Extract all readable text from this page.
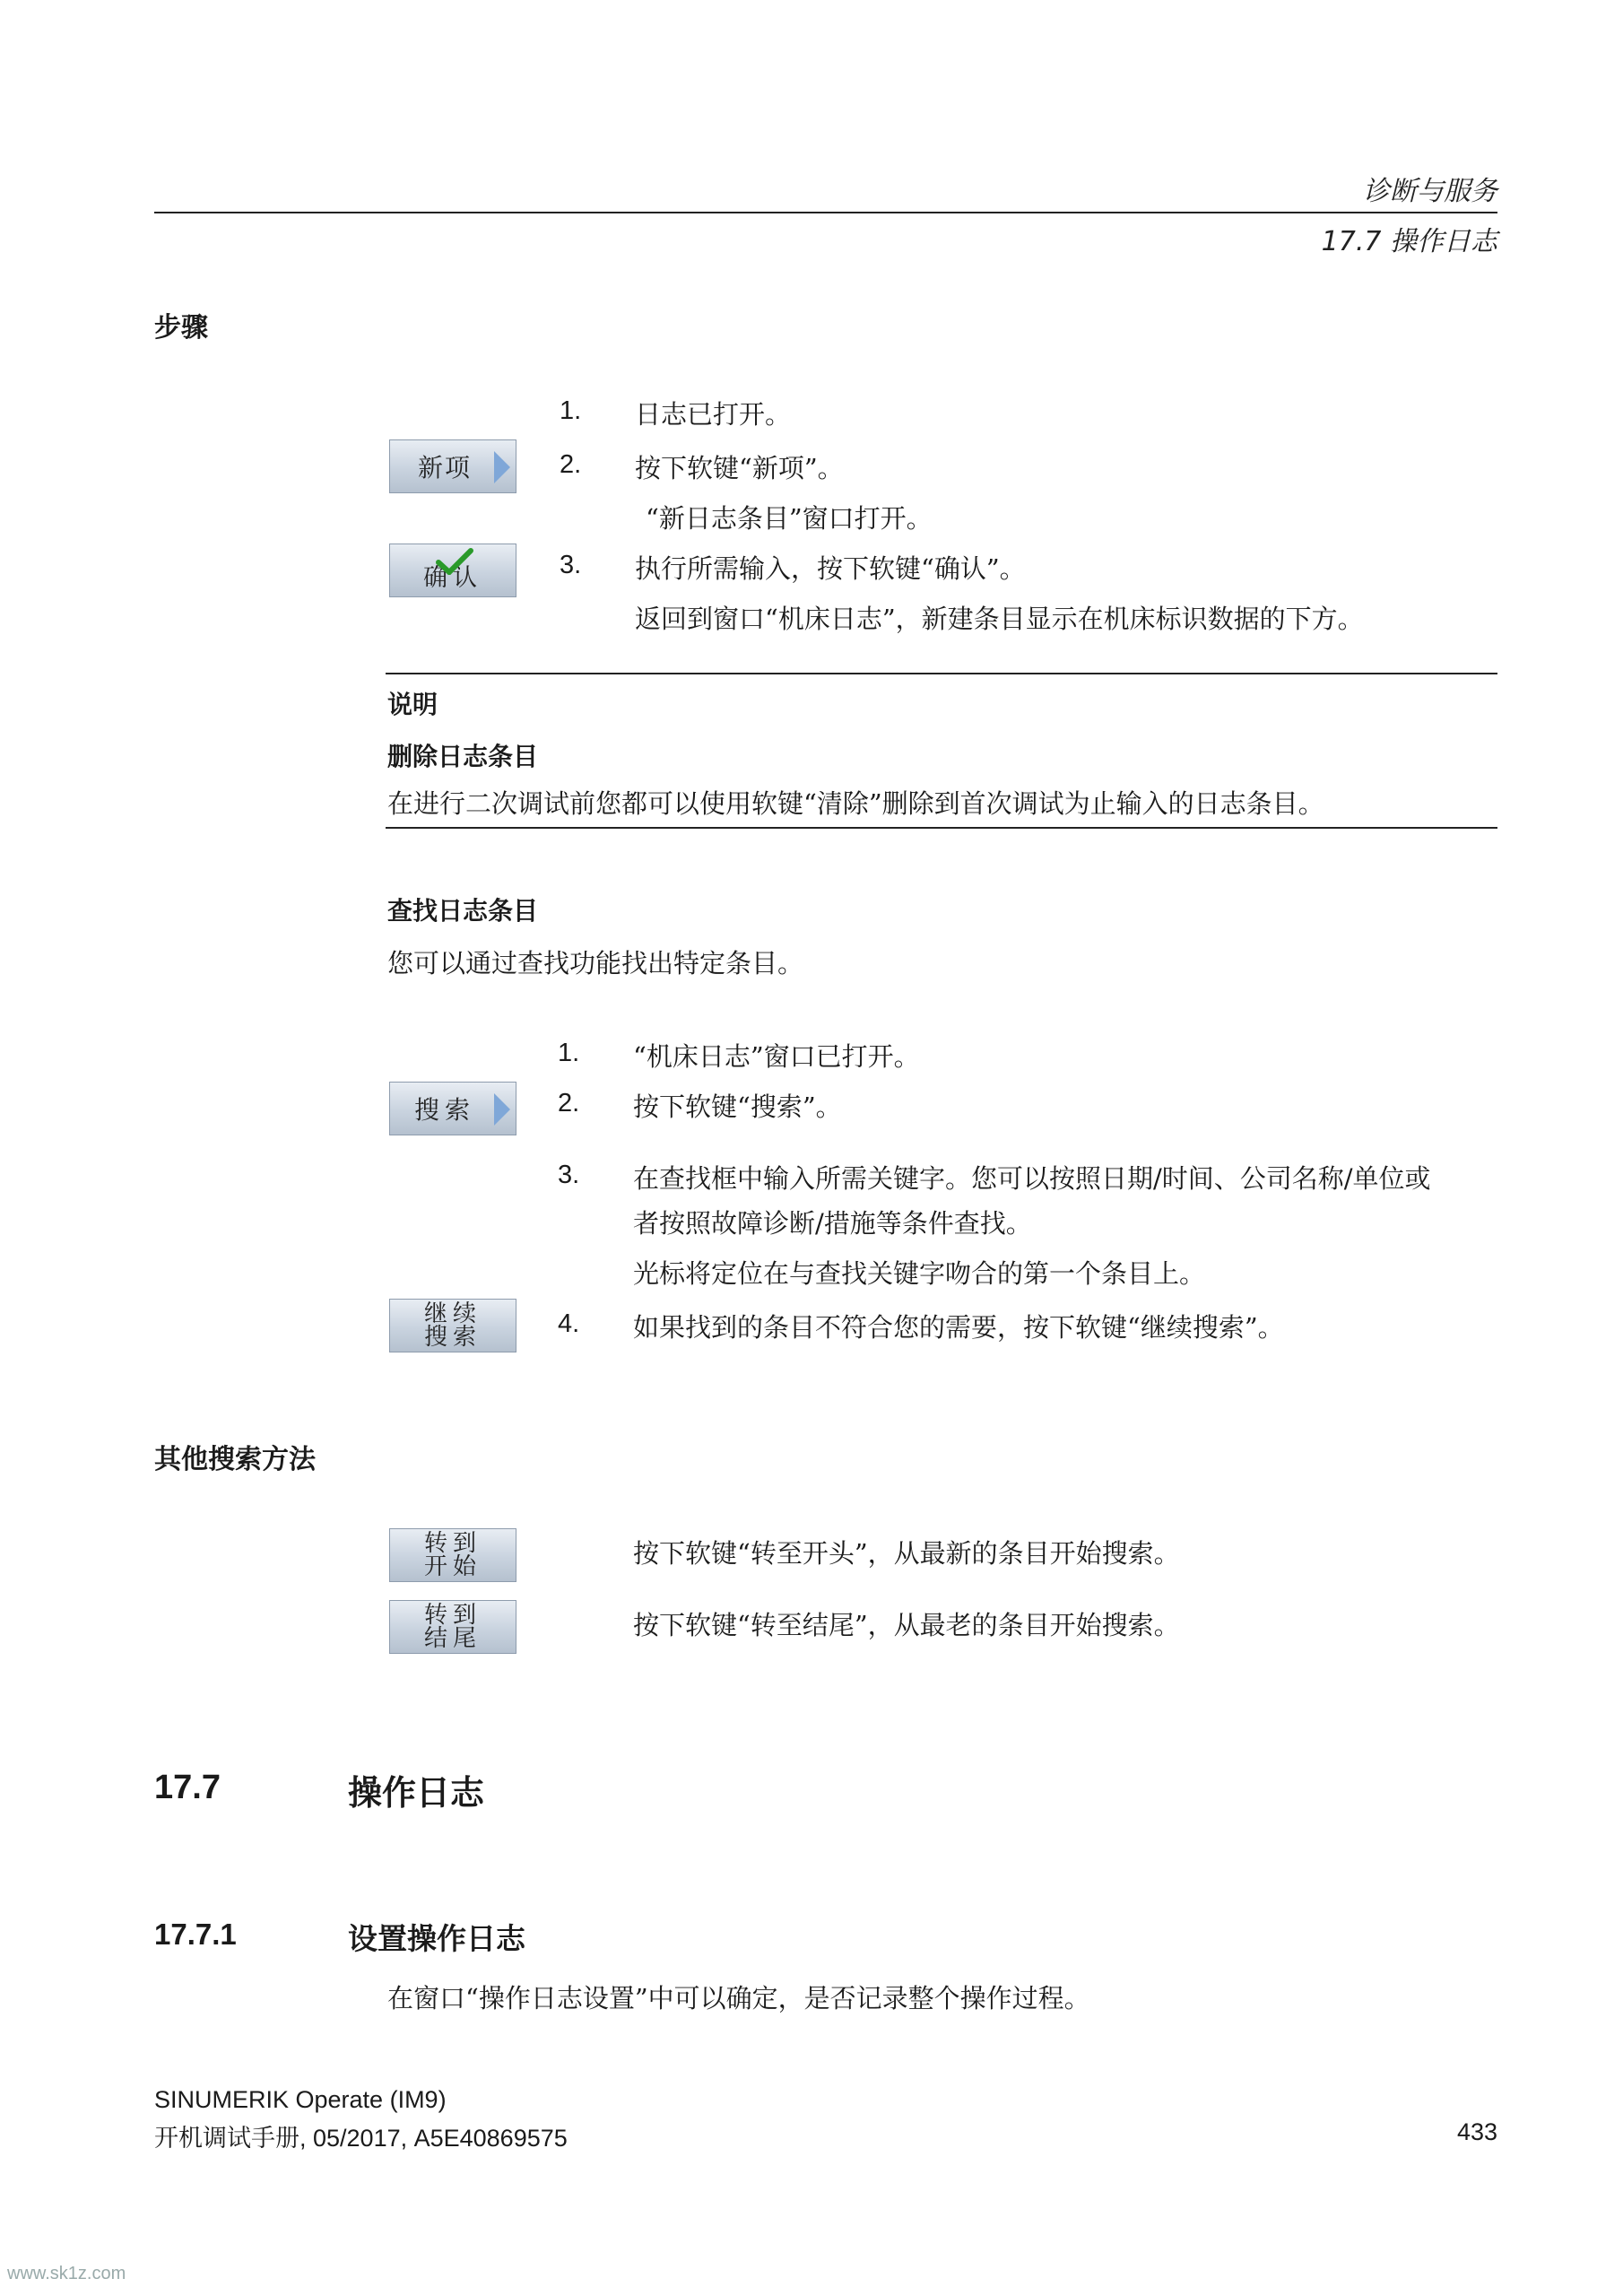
诊断与服务
17.7 操作日志
步骤
1. 日志已打开。
新项	2. 按下软键“新项”。
“新日志条目”窗口打开。
确认	3. 执行所需输入，按下软键“确认”。
返回到窗口“机床日志”，新建条目显示在机床标识数据的下方。
说明
删除日志条目
在进行二次调试前您都可以使用软键“清除”删除到首次调试为止输入的日志条目。
查找日志条目
您可以通过查找功能找出特定条目。
1. “机床日志”窗口已打开。
搜索	2. 按下软键“搜索”。
3. 在查找框中输入所需关键字。您可以按照日期/时间、公司名称/单位或
者按照故障诊断/措施等条件查找。
光标将定位在与查找关键字吻合的第一个条目上。
继续
搜索	4. 如果找到的条目不符合您的需要，按下软键“继续搜索”。
其他搜索方法
转到
开始	按下软键“转至开头”，从最新的条目开始搜索。
转到
结尾	按下软键“转至结尾”，从最老的条目开始搜索。
17.7	操作日志
17.7.1	设置操作日志
在窗口“操作日志设置”中可以确定，是否记录整个操作过程。
SINUMERIK Operate (IM9)
开机调试手册, 05/2017, A5E40869575	433
www.sk1z.com
